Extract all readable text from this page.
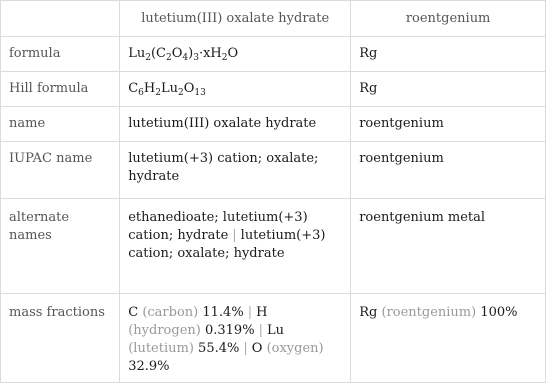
	lutetium(III) oxalate hydrate	roentgenium
formula	$Lu_2(C_2O_4)_3\cdot xH_2O$	Rg
Hill formula	$C_6H_2Lu_2O_{13}$	Rg
name	lutetium(III) oxalate hydrate	roentgenium
IUPAC name	lutetium(+3) cation; oxalate; hydrate	roentgenium
alternate names	ethanedioate; lutetium(+3) cation; hydrate | lutetium(+3) cation; oxalate; hydrate	roentgenium metal
mass fractions	C (carbon) 11.4% | H (hydrogen) 0.319% | Lu (lutetium) 55.4% | O (oxygen) 32.9%	Rg (roentgenium) 100%
